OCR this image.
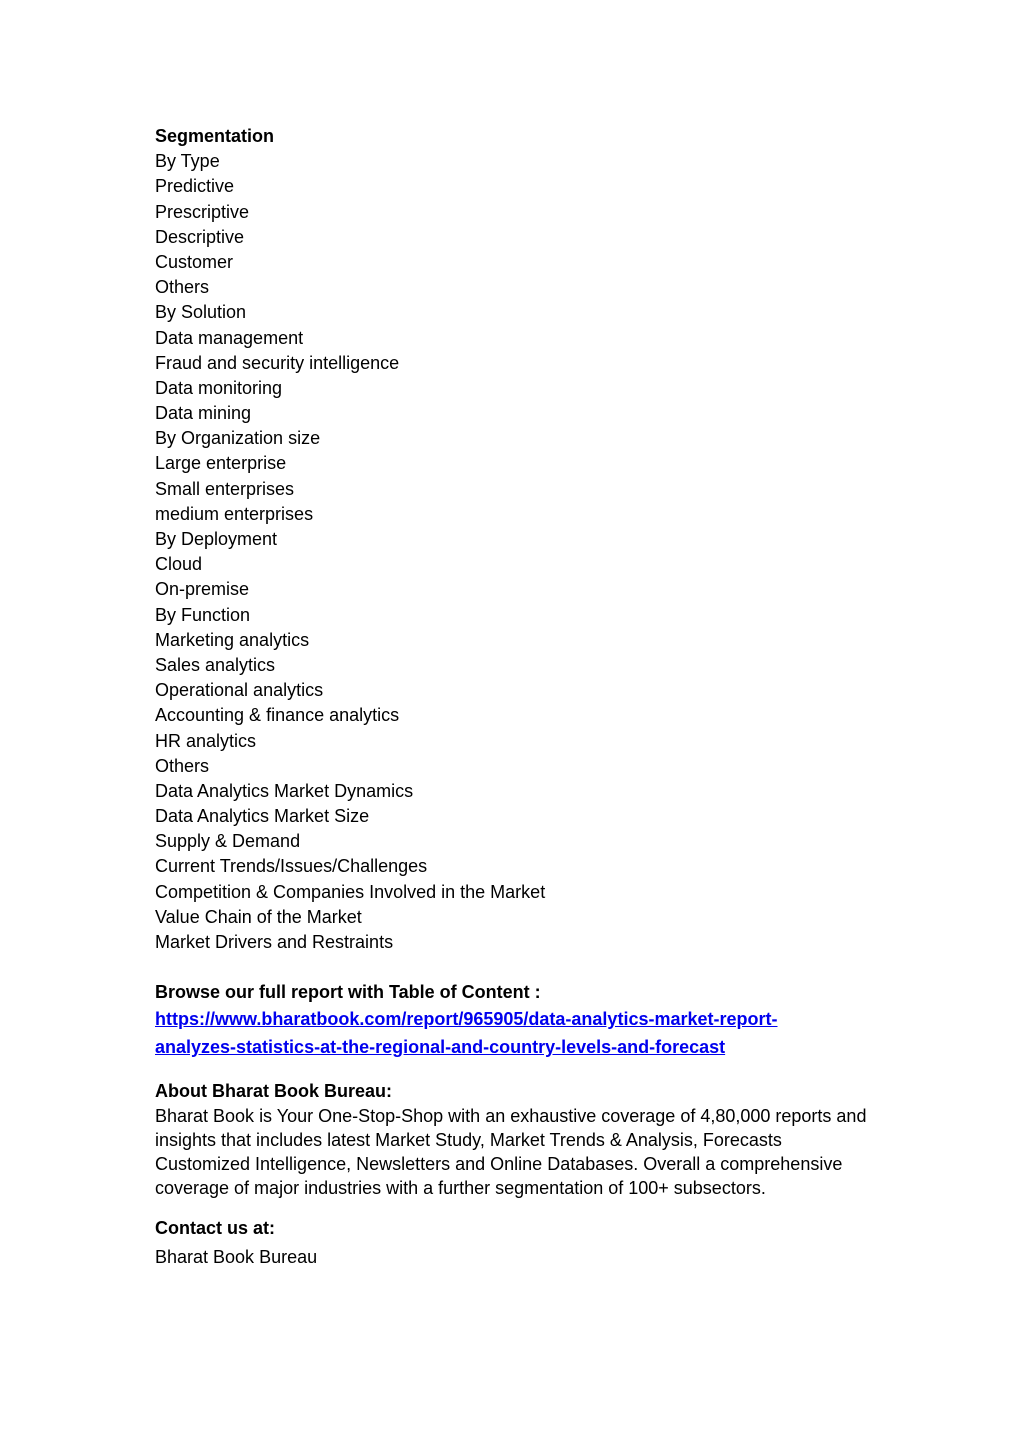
Segmentation
By Type
Predictive
Prescriptive
Descriptive
Customer
Others
By Solution
Data management
Fraud and security intelligence
Data monitoring
Data mining
By Organization size
Large enterprise
Small enterprises
medium enterprises
By Deployment
Cloud
On-premise
By Function
Marketing analytics
Sales analytics
Operational analytics
Accounting & finance analytics
HR analytics
Others
Data Analytics Market Dynamics
Data Analytics Market Size
Supply & Demand
Current Trends/Issues/Challenges
Competition & Companies Involved in the Market
Value Chain of the Market
Market Drivers and Restraints
Browse our full report with Table of Content :
https://www.bharatbook.com/report/965905/data-analytics-market-report-analyzes-statistics-at-the-regional-and-country-levels-and-forecast
About Bharat Book Bureau:
Bharat Book is Your One-Stop-Shop with an exhaustive coverage of 4,80,000 reports and insights that includes latest Market Study, Market Trends & Analysis, Forecasts Customized Intelligence, Newsletters and Online Databases. Overall a comprehensive coverage of major industries with a further segmentation of 100+ subsectors.
Contact us at:
Bharat Book Bureau
